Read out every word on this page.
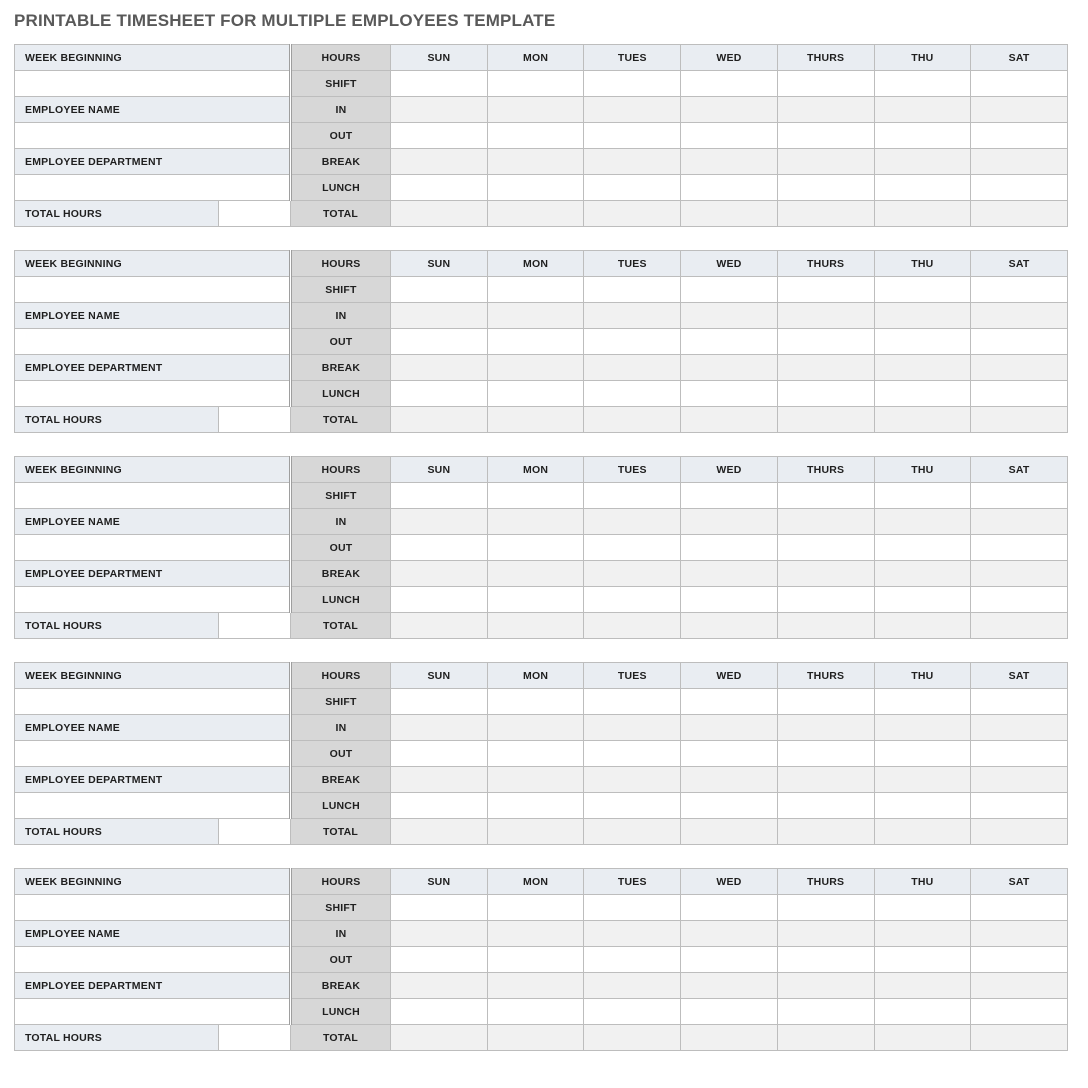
PRINTABLE TIMESHEET FOR MULTIPLE EMPLOYEES TEMPLATE
WEEK BEGINNING		HOURS	SUN	MON	TUES	WED	THURS	THU	SAT
		SHIFT							
EMPLOYEE NAME		IN							
		OUT							
EMPLOYEE DEPARTMENT		BREAK							
		LUNCH							
TOTAL HOURS		TOTAL							
WEEK BEGINNING		HOURS	SUN	MON	TUES	WED	THURS	THU	SAT
		SHIFT							
EMPLOYEE NAME		IN							
		OUT							
EMPLOYEE DEPARTMENT		BREAK							
		LUNCH							
TOTAL HOURS		TOTAL							
WEEK BEGINNING		HOURS	SUN	MON	TUES	WED	THURS	THU	SAT
		SHIFT							
EMPLOYEE NAME		IN							
		OUT							
EMPLOYEE DEPARTMENT		BREAK							
		LUNCH							
TOTAL HOURS		TOTAL							
WEEK BEGINNING		HOURS	SUN	MON	TUES	WED	THURS	THU	SAT
		SHIFT							
EMPLOYEE NAME		IN							
		OUT							
EMPLOYEE DEPARTMENT		BREAK							
		LUNCH							
TOTAL HOURS		TOTAL							
WEEK BEGINNING		HOURS	SUN	MON	TUES	WED	THURS	THU	SAT
		SHIFT							
EMPLOYEE NAME		IN							
		OUT							
EMPLOYEE DEPARTMENT		BREAK							
		LUNCH							
TOTAL HOURS		TOTAL							
